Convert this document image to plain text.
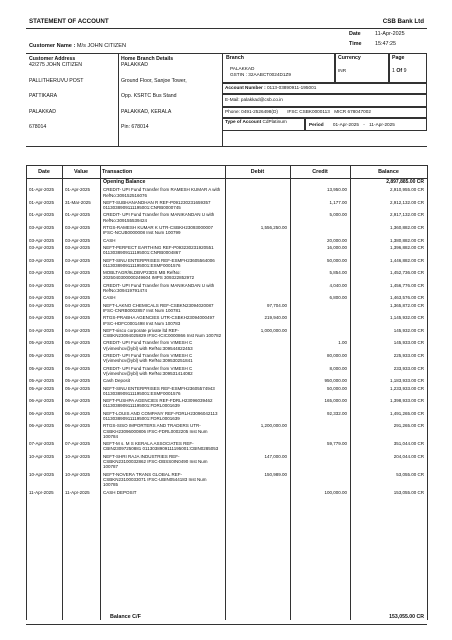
STATEMENT OF ACCOUNT	CSB Bank Ltd
Date	11-Apr-2025
Time	15:47:25
Customer Name : M/s JOHN CITIZEN
Customer Address
42/275 JOHN CITIZEN
PALLITHERUVU POST
PATTIKARA
PALAKKAD
678014
Home Branch Details
PALAKKAD
Ground Floor, Sanjoe Tower,
Opp. KSRTC Bus Stand
PALAKKAD, KERALA
Pin: 678014
Branch
PALAKKAD
GSTIN : 32AABCT0024D1Z9
Currency
INR
Page
1 Of 9
Account Number : 0113-03890911-195001
E-Mail: palakkad@csb.co.in
Phone: 0491-2526498(D) IFSC CSBK0000113 MICR 678047002
Type of Account CdPlatinum
Period 01-Apr-2025 - 11-Apr-2025
Date	Value	Transaction	Debit	Credit	Balance
		Opening Balance			2,897,885.00 CR
01-Apr-2025	01-Apr-2025	CREDIT- UPI Fund Transfer from RAMESH KUMAR A with RefNo:309152516076		13,950.00	2,910,955.00 CR
01-Apr-2025	31-Mar-2025	NEFT-SUBHANANDHAN R REF-P091230231659357 0113038909111195001:CNRB0000745		1,177.00	2,912,132.00 CR
01-Apr-2025	01-Apr-2025	CREDIT- UPI Fund Transfer from MANIKANDAN U with RefNo:309155539424		5,000.00	2,917,132.00 CR
03-Apr-2025	03-Apr-2025	RTGS-RAMESH KUMAR K UTR-CSBKH23093000007 IFSC-NCUB0000008 Inst Num 100799	1,556,250.00		1,360,882.00 CR
03-Apr-2025	03-Apr-2025	CASH		20,000.00	1,380,882.00 CR
03-Apr-2025	03-Apr-2025	NEFT-PERFECT EARTHING REF-P093230231920551 0113038909111195001:CNRB0004867		16,000.00	1,396,882.00 CR
03-Apr-2025	03-Apr-2025	NEFT-SINU ENTERPRISES REF-ESMFH23605564006 0113038909111195001:ESMF0001576		50,000.00	1,446,882.00 CR
03-Apr-2025	03-Apr-2025	MOBLTAGR/9LDBVP23DS MB RefNo: 2025040300000249604 IMPS 309322852972		5,854.00	1,452,736.00 CR
04-Apr-2025	04-Apr-2025	CREDIT- UPI Fund Transfer from MANIKANDAN U with RefNo:309419791474		4,040.00	1,456,776.00 CR
04-Apr-2025	04-Apr-2025	CASH		6,800.00	1,463,576.00 CR
04-Apr-2025	04-Apr-2025	NEFT-LAKNO CHEMICALS REF-CSBKN23094020087 IFSC-CNRB0002857 Inst Num 100781	97,704.00		1,365,872.00 CR
04-Apr-2025	04-Apr-2025	RTGS-PRABHA AGENCIES UTR-CSBKH23094000497 IFSC-HDFC0001498 Inst Num 100783	219,940.00		1,145,932.00 CR
04-Apr-2025	04-Apr-2025	NEFT-sisco corporate private ltd REF-CSBKN23094025829 IFSC-ICIC0000866 Inst Num 100782	1,000,000.00		145,932.00 CR
05-Apr-2025	05-Apr-2025	CREDIT- UPI Fund Transfer from VIMESH C V(vimeshcv@ybl) with RefNo:309544822453		1.00	145,933.00 CR
05-Apr-2025	05-Apr-2025	CREDIT- UPI Fund Transfer from VIMESH C V(vimeshcv@ybl) with RefNo:309530251841		80,000.00	225,933.00 CR
05-Apr-2025	05-Apr-2025	CREDIT- UPI Fund Transfer from VIMESH C V(vimeshcv@ybl) with RefNo:309531414082		8,000.00	233,933.00 CR
05-Apr-2025	05-Apr-2025	Cash Deposit		950,000.00	1,183,933.00 CR
05-Apr-2025	05-Apr-2025	NEFT-SINU ENTERPRISES REF-ESMFH23605574943 0113038909111195001:ESMF0001576		50,000.00	1,233,933.00 CR
06-Apr-2025	06-Apr-2025	NEFT-PUSHPA AGENCIES REF-FDRLH23096039462 0113038909111195001:FDRL0001639		165,000.00	1,398,933.00 CR
06-Apr-2025	06-Apr-2025	NEFT-LOUIS AND COMPANY REF-FDRLH23096042113 0113038909111195001:FDRL0001639		92,332.00	1,491,265.00 CR
06-Apr-2025	06-Apr-2025	RTGS-SISO IMPORTERS AND TRADERS UTR-CSBKH23096000806 IFSC-FDRL0002205 Inst Num 100784	1,200,000.00		291,265.00 CR
07-Apr-2025	07-Apr-2025	NEFT-M s. M S KERALA ASSOCIATES REF-CBIN23097250881 0113038909111195001:CBIN0285053		59,779.00	351,044.00 CR
10-Apr-2025	10-Apr-2025	NEFT-SHRI RAJA INDUSTRIES REF-CSBKN23100032862 IFSC-DBSS0IN0490 Inst Num 100787	147,000.00		204,044.00 CR
10-Apr-2025	10-Apr-2025	NEFT-NOVERA TRANS GLOBAL REF-CSBKN23100033071 IFSC-UBIN0544183 Inst Num 100785	150,989.00		53,055.00 CR
11-Apr-2025	11-Apr-2025	CASH DEPOSIT		100,000.00	153,055.00 CR
Balance C/F	153,055.00 CR
